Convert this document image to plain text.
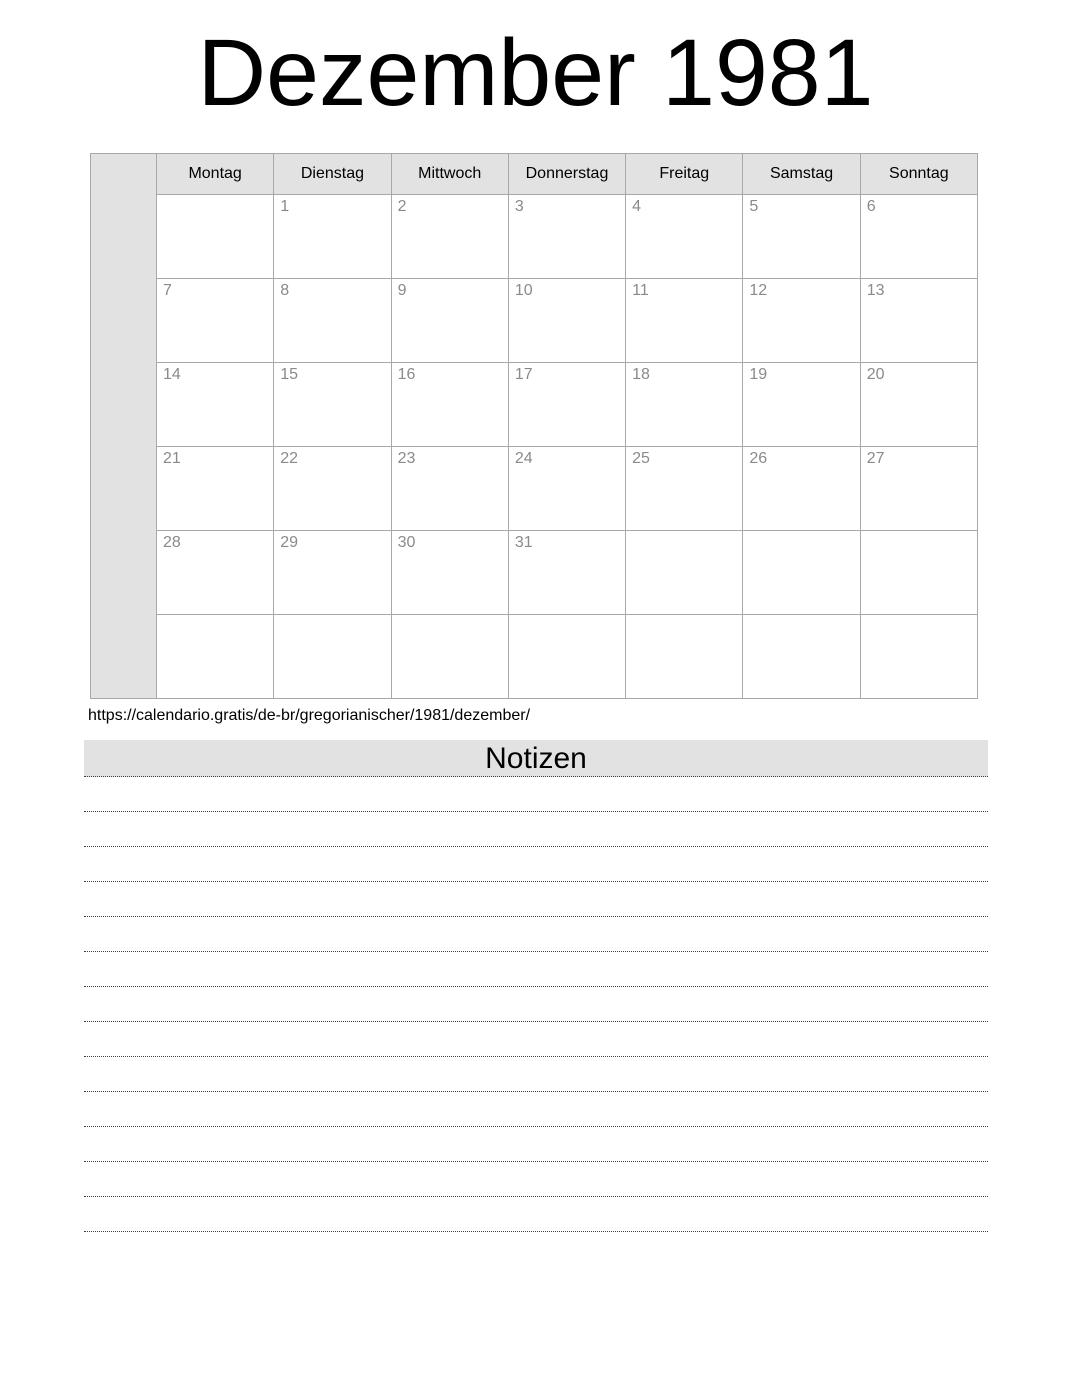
Dezember 1981
	Montag	Dienstag	Mittwoch	Donnerstag	Freitag	Samstag	Sonntag
		1	2	3	4	5	6
	7	8	9	10	11	12	13
	14	15	16	17	18	19	20
	21	22	23	24	25	26	27
	28	29	30	31			

https://calendario.gratis/de-br/gregorianischer/1981/dezember/
Notizen
